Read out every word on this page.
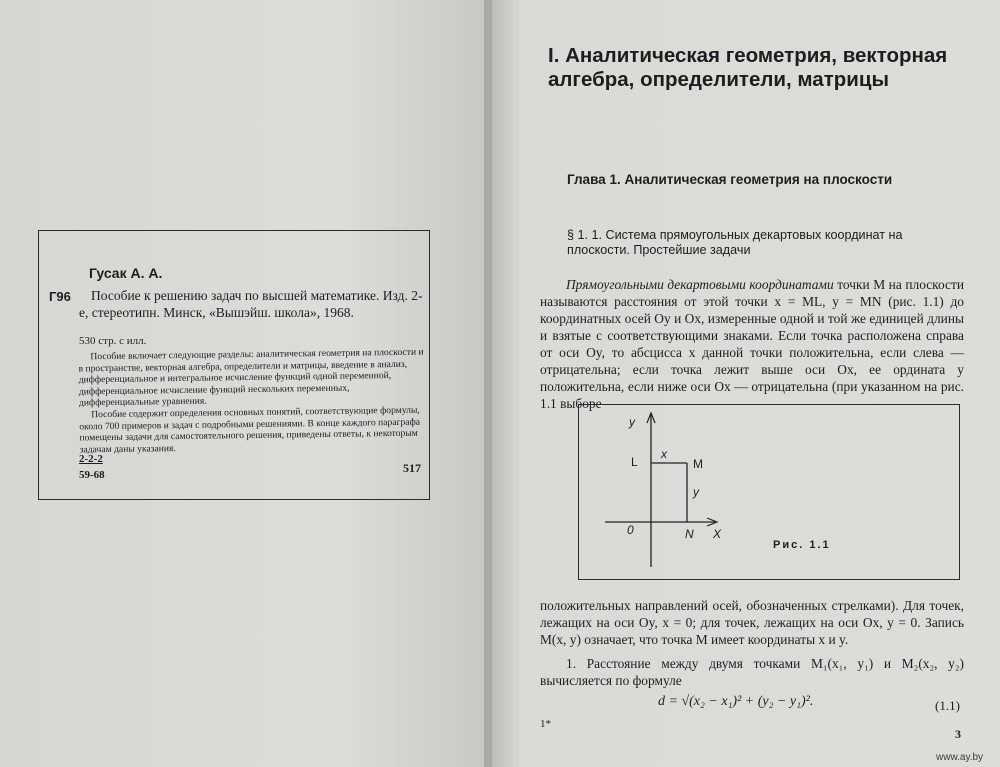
Гусак А. А.
Г96	Пособие к решению задач по высшей математике. Изд. 2-е, стереотипн. Минск, «Вышэйш. школа», 1968.
530 стр. с илл.

Пособие включает следующие разделы: аналитическая геометрия на плоскости и в пространстве, векторная алгебра, определители и матрицы, введение в анализ, дифференциальное и интегральное исчисление функций одной переменной, дифференциальное исчисление функций нескольких переменных, дифференциальные уравнения.

Пособие содержит определения основных понятий, соответствующие формулы, около 700 примеров и задач с подробными решениями. В конце каждого параграфа помещены задачи для самостоятельного решения, приведены ответы, к некоторым задачам даны указания.

2-2-2
59-68	517
I. Аналитическая геометрия, векторная алгебра, определители, матрицы
Глава 1. Аналитическая геометрия на плоскости
§ 1. 1. Система прямоугольных декартовых координат на плоскости. Простейшие задачи
Прямоугольными декартовыми координатами точки M на плоскости называются расстояния от этой точки x = ML, y = MN (рис. 1.1) до координатных осей Oy и Ox, измеренные одной и той же единицей длины и взятые с соответствующими знаками. Если точка расположена справа от оси Oy, то абсцисса x данной точки положительна, если слева — отрицательна; если точка лежит выше оси Ox, ее ордината y положительна, если ниже оси Ox — отрицательна (при указанном на рис. 1.1 выборе
y
L
x
M
y
0	N X
Рис. 1.1
положительных направлений осей, обозначенных стрелками). Для точек, лежащих на оси Oy, x = 0; для точек, лежащих на оси Ox, y = 0. Запись M(x, y) означает, что точка M имеет координаты x и y.
1. Расстояние между двумя точками M₁(x₁, y₁) и M₂(x₂, y₂) вычисляется по формуле
d = √(x₂ − x₁)² + (y₂ − y₁)².	(1.1)
1*
3
www.ay.by
